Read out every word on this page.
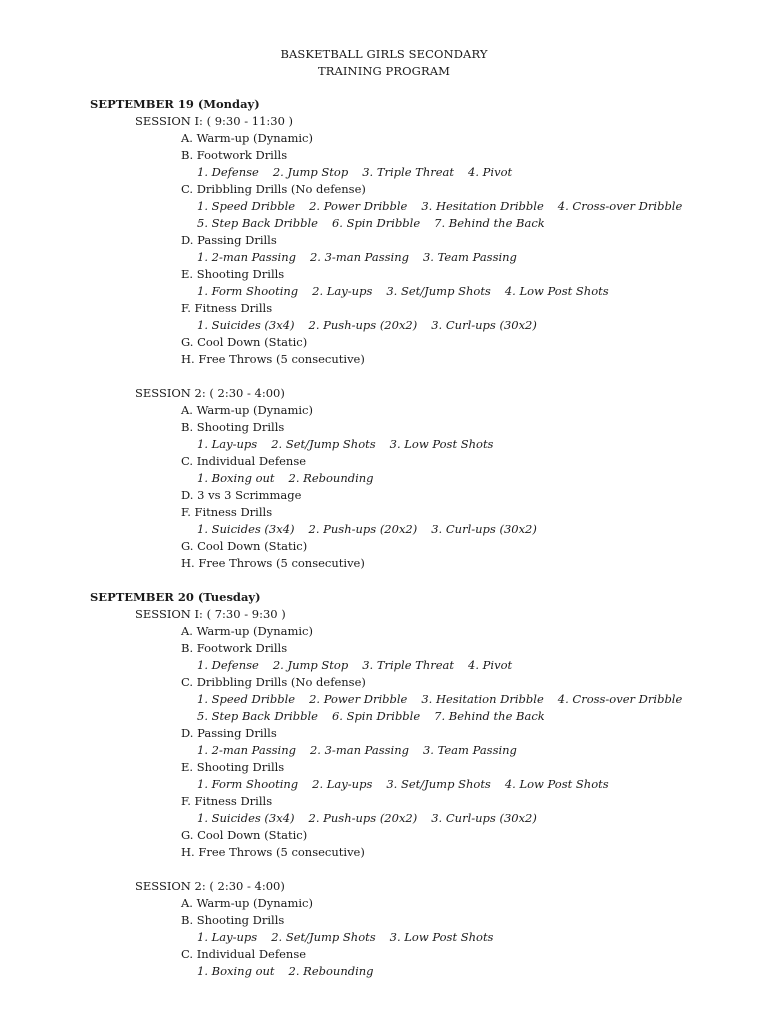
BASKETBALL GIRLS SECONDARY
TRAINING PROGRAM
SEPTEMBER 19 (Monday)
SESSION I: ( 9:30 - 11:30 )
A. Warm-up (Dynamic)
B. Footwork Drills
1. Defense 2. Jump Stop 3. Triple Threat 4. Pivot
C. Dribbling Drills (No defense)
1. Speed Dribble 2. Power Dribble 3. Hesitation Dribble 4. Cross-over Dribble
5. Step Back Dribble 6. Spin Dribble 7. Behind the Back
D. Passing Drills
1. 2-man Passing 2. 3-man Passing 3. Team Passing
E. Shooting Drills
1. Form Shooting 2. Lay-ups 3. Set/Jump Shots 4. Low Post Shots
F. Fitness Drills
1. Suicides (3x4) 2. Push-ups (20x2) 3. Curl-ups (30x2)
G. Cool Down (Static)
H. Free Throws (5 consecutive)
SESSION 2: ( 2:30 - 4:00)
A. Warm-up (Dynamic)
B. Shooting Drills
1. Lay-ups 2. Set/Jump Shots 3. Low Post Shots
C. Individual Defense
1. Boxing out 2. Rebounding
D. 3 vs 3 Scrimmage
F. Fitness Drills
1. Suicides (3x4) 2. Push-ups (20x2) 3. Curl-ups (30x2)
G. Cool Down (Static)
H. Free Throws (5 consecutive)
SEPTEMBER 20 (Tuesday)
SESSION I: ( 7:30 - 9:30 )
A. Warm-up (Dynamic)
B. Footwork Drills
1. Defense 2. Jump Stop 3. Triple Threat 4. Pivot
C. Dribbling Drills (No defense)
1. Speed Dribble 2. Power Dribble 3. Hesitation Dribble 4. Cross-over Dribble
5. Step Back Dribble 6. Spin Dribble 7. Behind the Back
D. Passing Drills
1. 2-man Passing 2. 3-man Passing 3. Team Passing
E. Shooting Drills
1. Form Shooting 2. Lay-ups 3. Set/Jump Shots 4. Low Post Shots
F. Fitness Drills
1. Suicides (3x4) 2. Push-ups (20x2) 3. Curl-ups (30x2)
G. Cool Down (Static)
H. Free Throws (5 consecutive)
SESSION 2: ( 2:30 - 4:00)
A. Warm-up (Dynamic)
B. Shooting Drills
1. Lay-ups 2. Set/Jump Shots 3. Low Post Shots
C. Individual Defense
1. Boxing out 2. Rebounding
